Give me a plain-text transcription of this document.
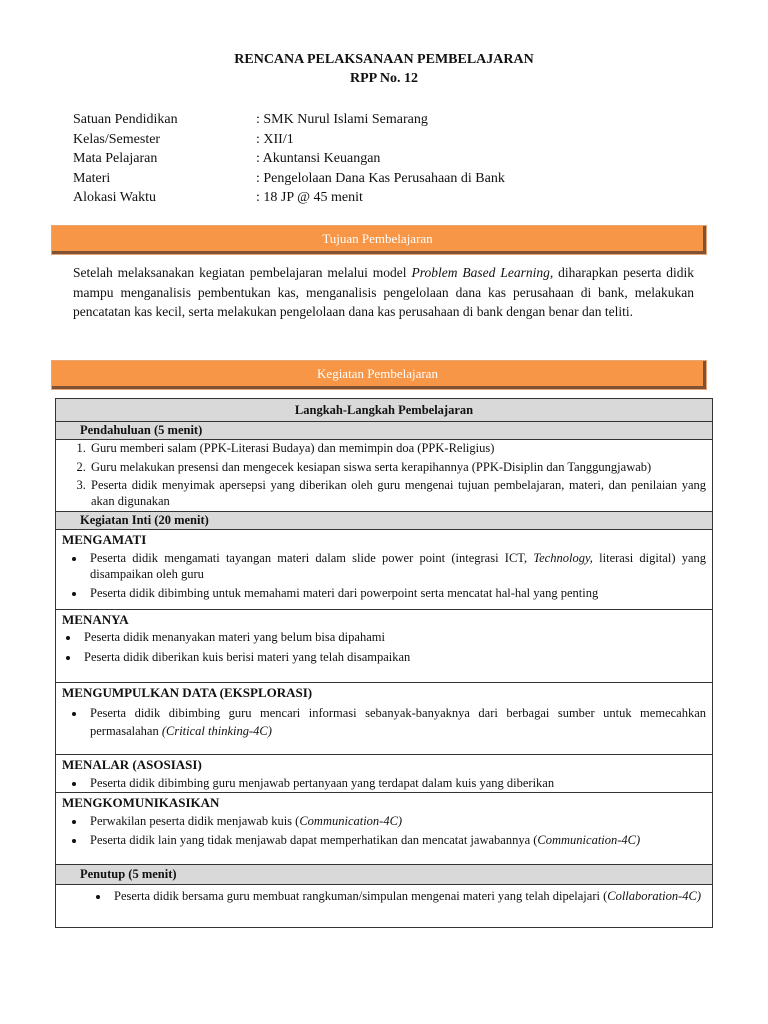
RENCANA PELAKSANAAN PEMBELAJARAN
RPP No. 12
Satuan Pendidikan	: SMK Nurul Islami Semarang
Kelas/Semester	: XII/1
Mata Pelajaran	: Akuntansi Keuangan
Materi	: Pengelolaan Dana Kas Perusahaan di Bank
Alokasi Waktu	: 18 JP @ 45 menit
Tujuan Pembelajaran
Setelah melaksanakan kegiatan pembelajaran melalui model Problem Based Learning, diharapkan peserta didik mampu menganalisis pembentukan kas, menganalisis pengelolaan dana kas perusahaan di bank, melakukan pencatatan kas kecil, serta melakukan pengelolaan dana kas perusahaan di bank dengan benar dan teliti.
Kegiatan Pembelajaran
Langkah-Langkah Pembelajaran
Pendahuluan (5 menit)

1. Guru memberi salam (PPK-Literasi Budaya) dan memimpin doa (PPK-Religius)
2. Guru melakukan presensi dan mengecek kesiapan siswa serta kerapihannya (PPK-Disiplin dan Tanggungjawab)
3. Peserta didik menyimak apersepsi yang diberikan oleh guru mengenai tujuan pembelajaran, materi, dan penilaian yang akan digunakan

Kegiatan Inti (20 menit)

MENGAMATI
• Peserta didik mengamati tayangan materi dalam slide power point (integrasi ICT, Technology, literasi digital) yang disampaikan oleh guru
• Peserta didik dibimbing untuk memahami materi dari powerpoint serta mencatat hal-hal yang penting

MENANYA
• Peserta didik menanyakan materi yang belum bisa dipahami
• Peserta didik diberikan kuis berisi materi yang telah disampaikan

MENGUMPULKAN DATA (EKSPLORASI)
• Peserta didik dibimbing guru mencari informasi sebanyak-banyaknya dari berbagai sumber untuk memecahkan permasalahan (Critical thinking-4C)

MENALAR (ASOSIASI)
• Peserta didik dibimbing guru menjawab pertanyaan yang terdapat dalam kuis yang diberikan

MENGKOMUNIKASIKAN
• Perwakilan peserta didik menjawab kuis (Communication-4C)
• Peserta didik lain yang tidak menjawab dapat memperhatikan dan mencatat jawabannya (Communication-4C)

Penutup (5 menit)

• Peserta didik bersama guru membuat rangkuman/simpulan mengenai materi yang telah dipelajari (Collaboration-4C)
